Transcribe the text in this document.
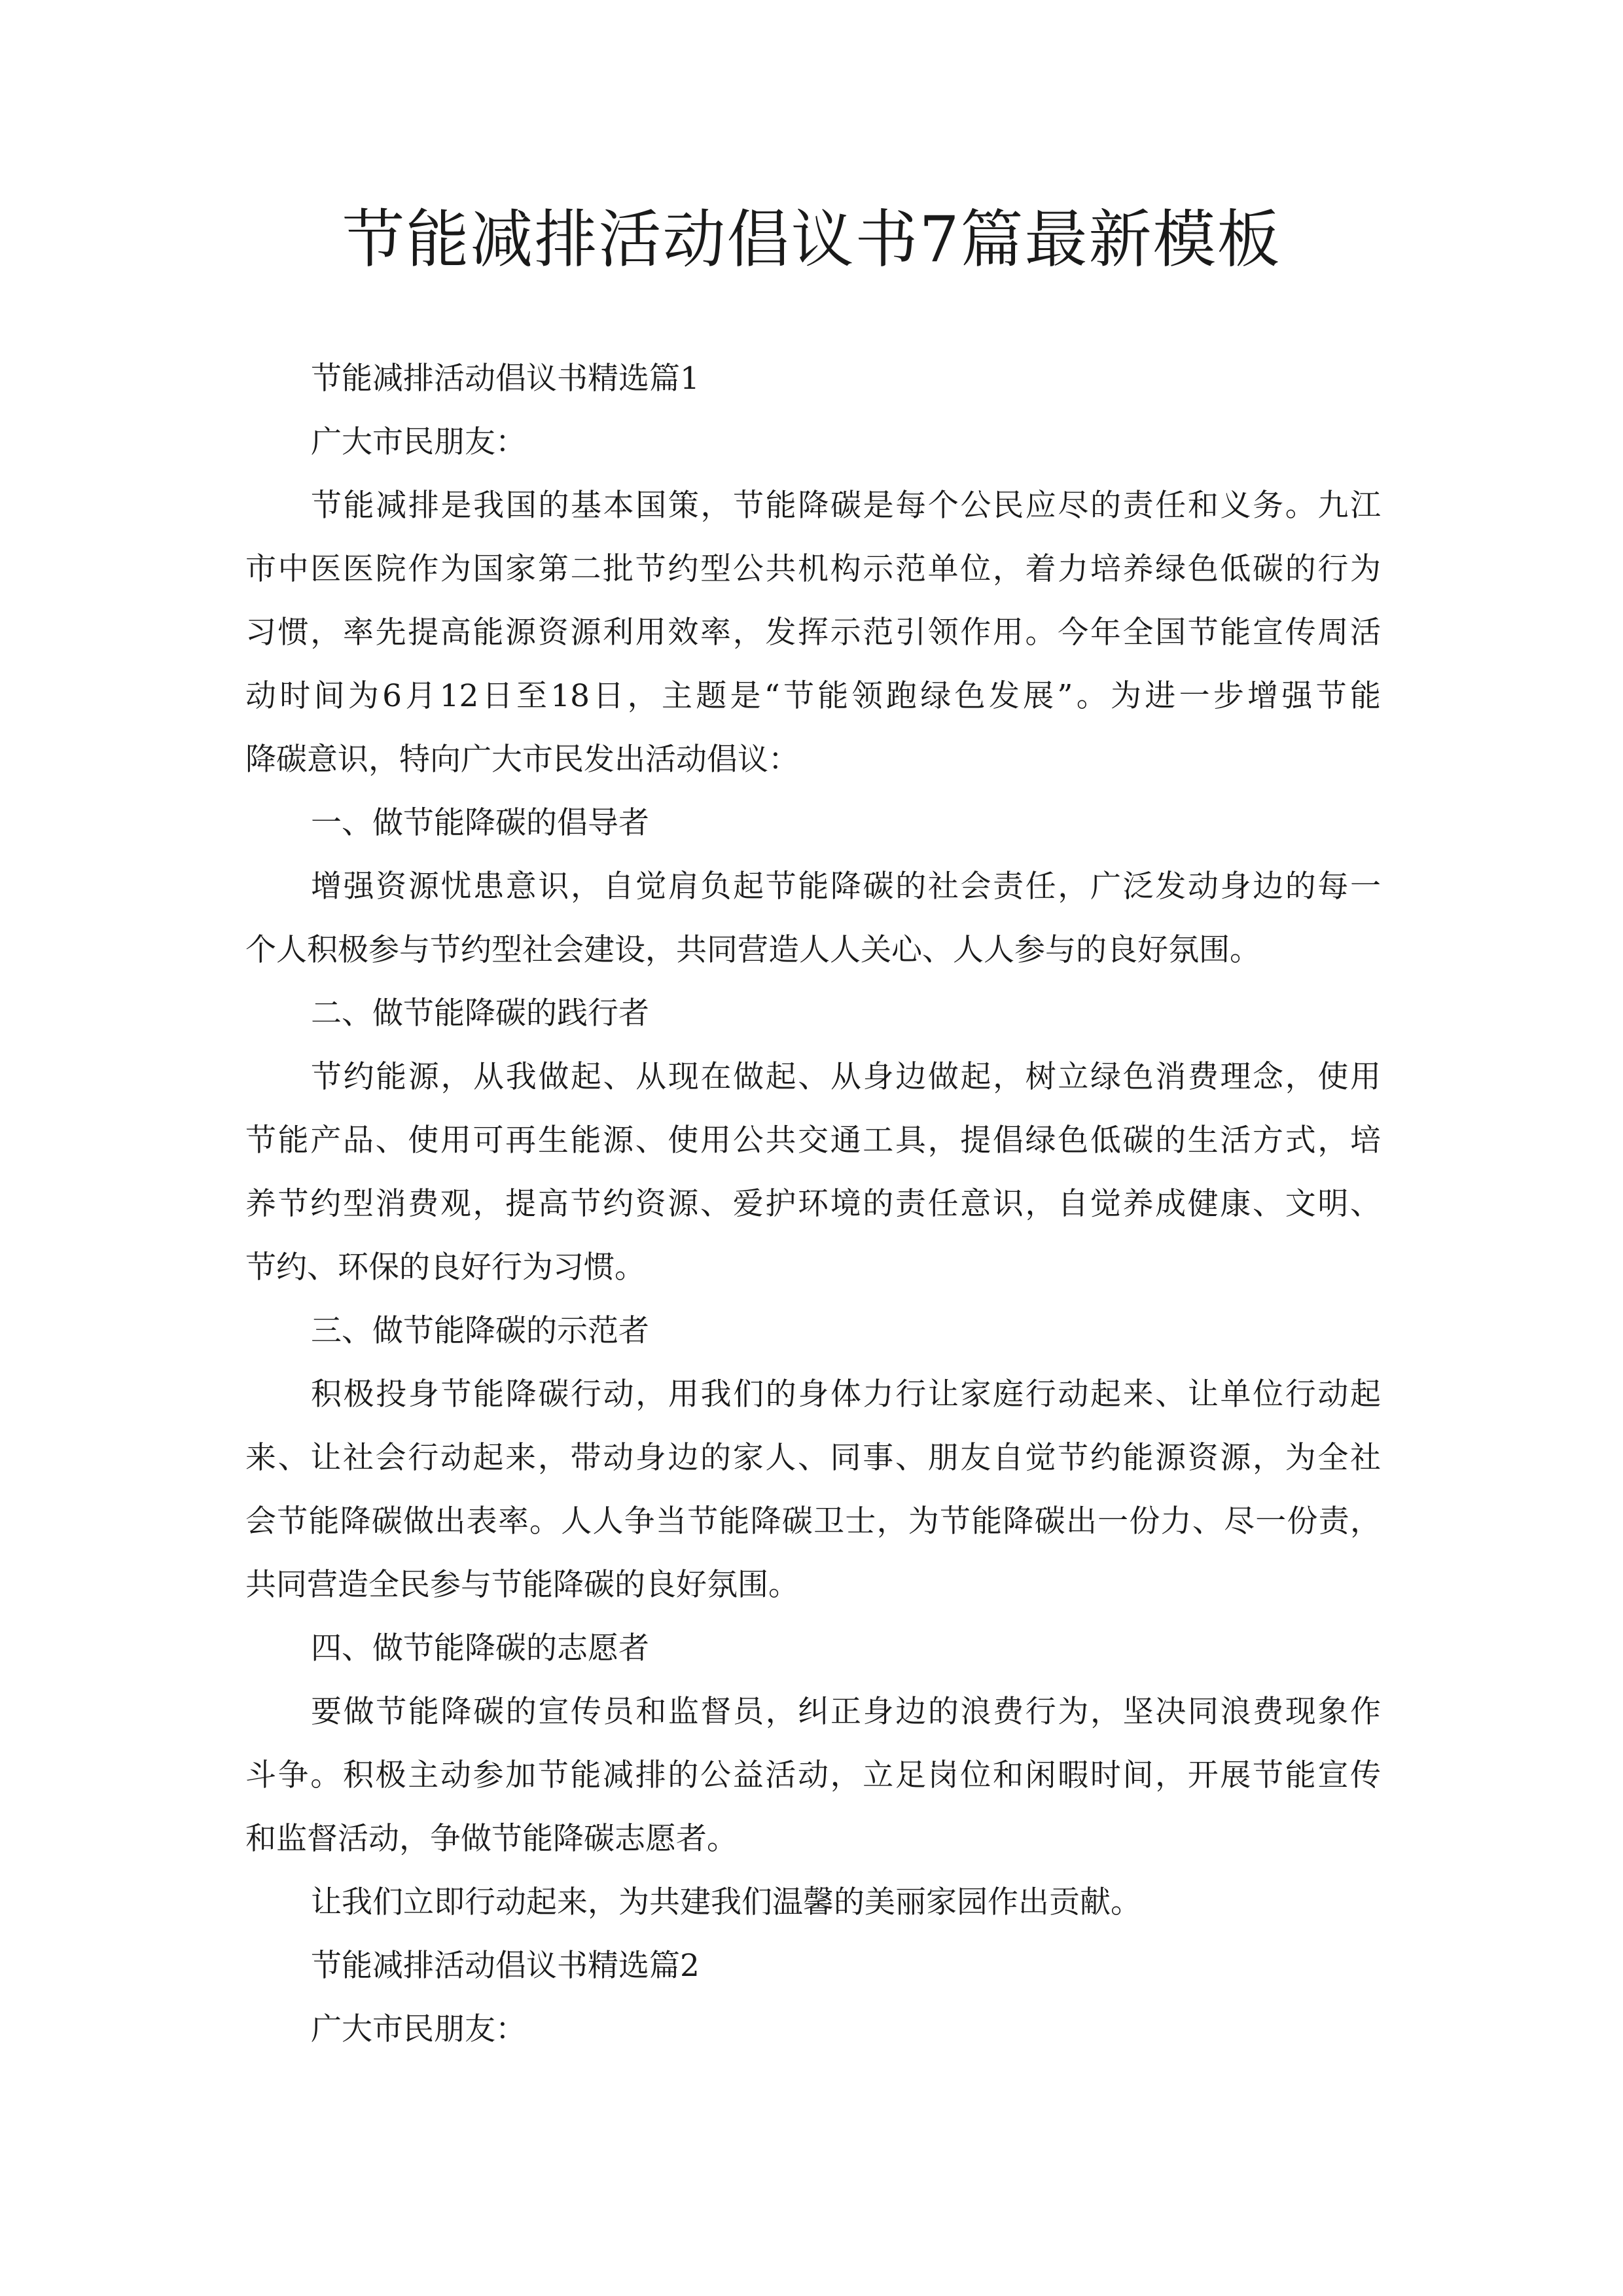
节能减排活动倡议书7篇最新模板
节能减排活动倡议书精选篇1
广大市民朋友：
节能减排是我国的基本国策，节能降碳是每个公民应尽的责任和义务。九江
市中医医院作为国家第二批节约型公共机构示范单位，着力培养绿色低碳的行为
习惯，率先提高能源资源利用效率，发挥示范引领作用。今年全国节能宣传周活
动时间为6月12日至18日，主题是“节能领跑绿色发展”。为进一步增强节能
降碳意识，特向广大市民发出活动倡议：
一、做节能降碳的倡导者
增强资源忧患意识，自觉肩负起节能降碳的社会责任，广泛发动身边的每一
个人积极参与节约型社会建设，共同营造人人关心、人人参与的良好氛围。
二、做节能降碳的践行者
节约能源，从我做起、从现在做起、从身边做起，树立绿色消费理念，使用
节能产品、使用可再生能源、使用公共交通工具，提倡绿色低碳的生活方式，培
养节约型消费观，提高节约资源、爱护环境的责任意识，自觉养成健康、文明、
节约、环保的良好行为习惯。
三、做节能降碳的示范者
积极投身节能降碳行动，用我们的身体力行让家庭行动起来、让单位行动起
来、让社会行动起来，带动身边的家人、同事、朋友自觉节约能源资源，为全社
会节能降碳做出表率。人人争当节能降碳卫士，为节能降碳出一份力、尽一份责，
共同营造全民参与节能降碳的良好氛围。
四、做节能降碳的志愿者
要做节能降碳的宣传员和监督员，纠正身边的浪费行为，坚决同浪费现象作
斗争。积极主动参加节能减排的公益活动，立足岗位和闲暇时间，开展节能宣传
和监督活动，争做节能降碳志愿者。
让我们立即行动起来，为共建我们温馨的美丽家园作出贡献。
节能减排活动倡议书精选篇2
广大市民朋友：
